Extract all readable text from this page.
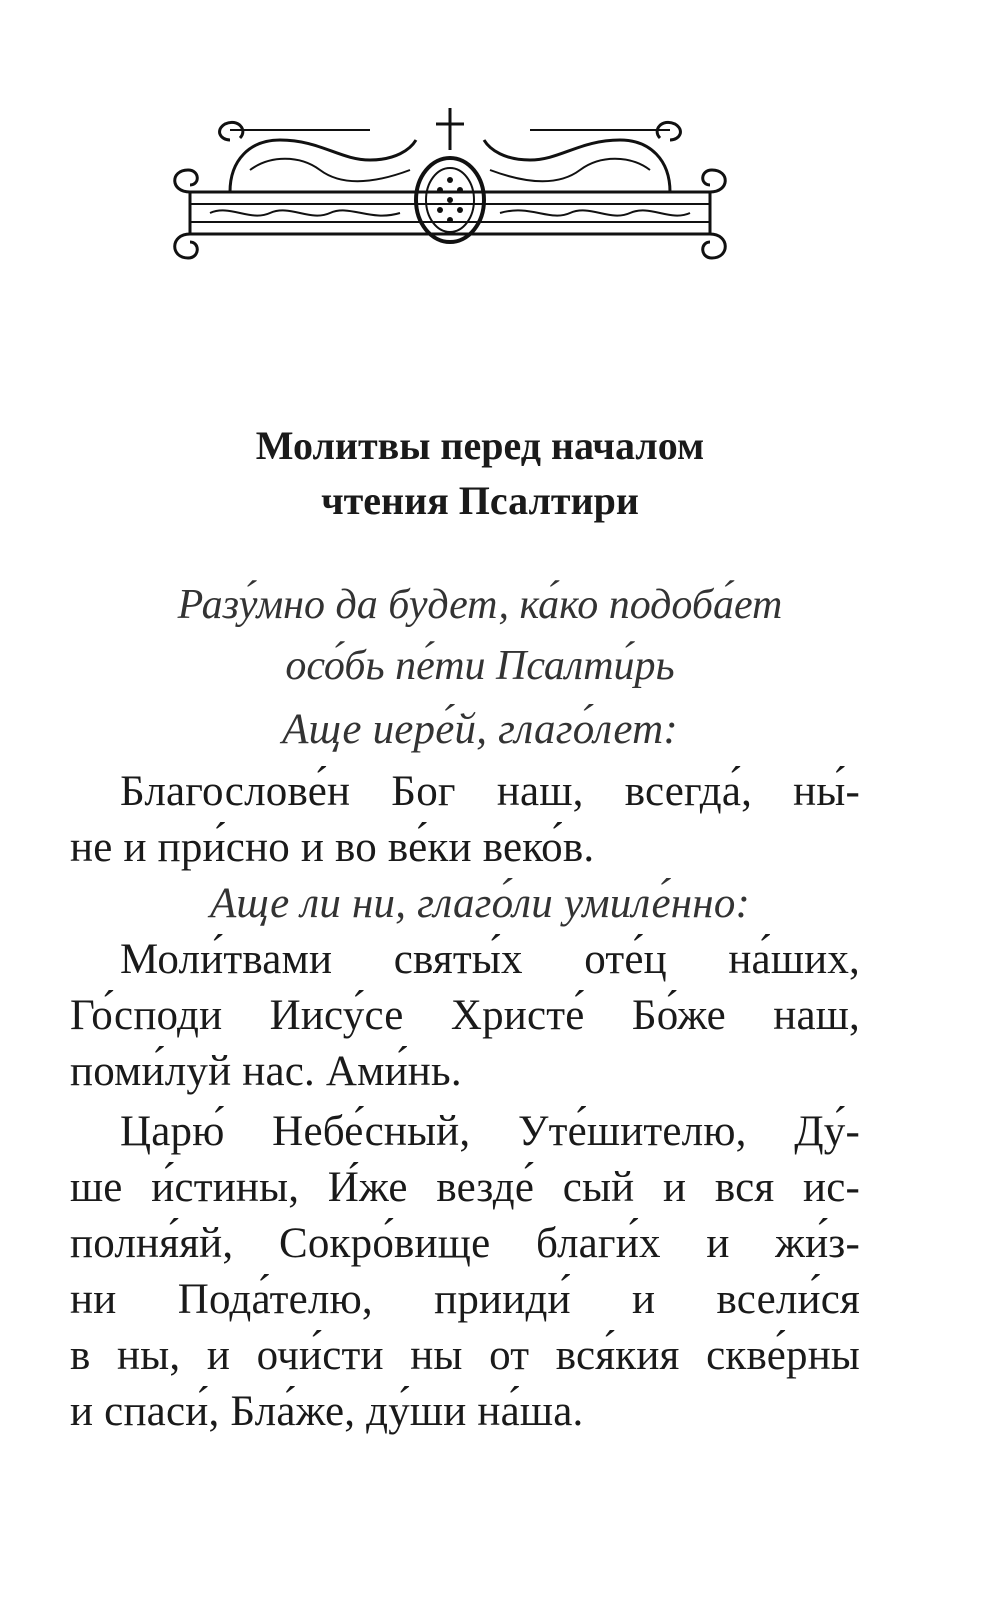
Молитвы перед началом
чтения Псалтири
Разу́мно да будет, ка́ко подоба́ет
осо́бь пе́ти Псалти́рь
Аще иере́й, глаго́лет:
Благослове́н Бог наш, всегда́, ны́-
не и при́сно и во ве́ки веко́в.
Аще ли ни, глаго́ли умиле́нно:
Моли́твами святы́х оте́ц на́ших,
Го́споди Иису́се Христе́ Бо́же наш,
поми́луй нас. Ами́нь.
Царю́ Небе́сный, Уте́шителю, Ду́-
ше и́стины, И́же везде́ сый и вся ис-
полня́яй, Сокро́вище благи́х и жи́з-
ни Пода́телю, прииди́ и всели́ся
в ны, и очи́сти ны от вся́кия скве́рны
и спаси́, Бла́же, ду́ши на́ша.
